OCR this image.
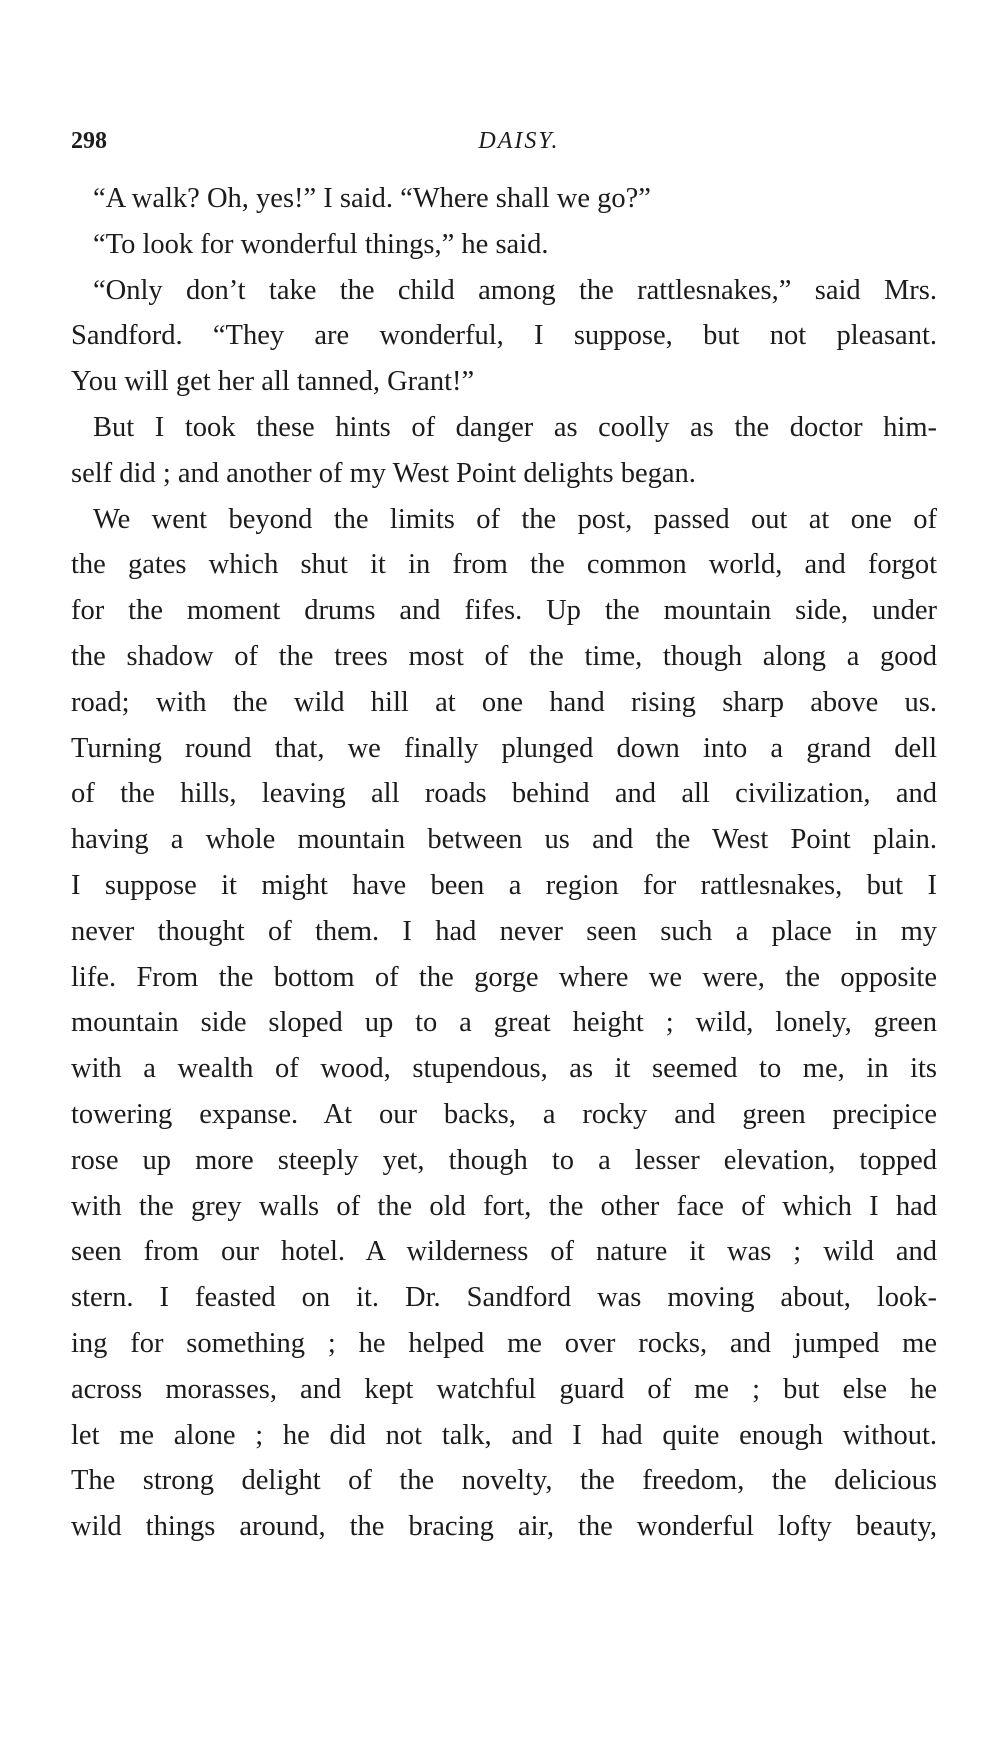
298	DAISY.

“A walk? Oh, yes!” I said. “Where shall we go?”

“To look for wonderful things,” he said.

“Only don’t take the child among the rattlesnakes,” said Mrs.
Sandford. “They are wonderful, I suppose, but not pleasant.
You will get her all tanned, Grant!”

But I took these hints of danger as coolly as the doctor him-
self did ; and another of my West Point delights began.

We went beyond the limits of the post, passed out at one of
the gates which shut it in from the common world, and forgot
for the moment drums and fifes. Up the mountain side, under
the shadow of the trees most of the time, though along a good
road; with the wild hill at one hand rising sharp above us.
Turning round that, we finally plunged down into a grand dell
of the hills, leaving all roads behind and all civilization, and
having a whole mountain between us and the West Point plain.
I suppose it might have been a region for rattlesnakes, but I
never thought of them. I had never seen such a place in my
life. From the bottom of the gorge where we were, the opposite
mountain side sloped up to a great height ; wild, lonely, green
with a wealth of wood, stupendous, as it seemed to me, in its
towering expanse. At our backs, a rocky and green precipice
rose up more steeply yet, though to a lesser elevation, topped
with the grey walls of the old fort, the other face of which I had
seen from our hotel. A wilderness of nature it was ; wild and
stern. I feasted on it. Dr. Sandford was moving about, look-
ing for something ; he helped me over rocks, and jumped me
across morasses, and kept watchful guard of me ; but else he
let me alone ; he did not talk, and I had quite enough without.
The strong delight of the novelty, the freedom, the delicious
wild things around, the bracing air, the wonderful lofty beauty,
